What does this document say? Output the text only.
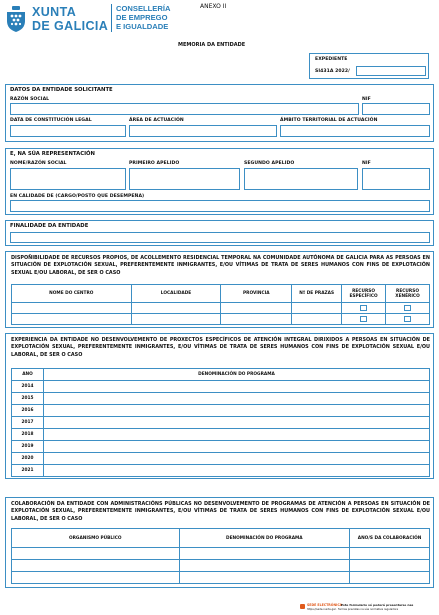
XUNTA
DE GALICIA
CONSELLERÍA
DE EMPREGO
E IGUALDADE
ANEXO II
MEMORIA DA ENTIDADE
EXPEDIENTE
SI431A 2022/
DATOS DA ENTIDADE SOLICITANTE
RAZÓN SOCIAL	NIF
DATA DE CONSTITUCIÓN LEGAL	ÁREA DE ACTUACIÓN	ÁMBITO TERRITORIAL DE ACTUACIÓN
E, NA SÚA REPRESENTACIÓN
NOME/RAZÓN SOCIAL	PRIMEIRO APELIDO	SEGUNDO APELIDO	NIF
EN CALIDADE DE (CARGO/POSTO QUE DESEMPEÑA)
FINALIDADE DA ENTIDADE
DISPOÑIBILIDADE DE RECURSOS PROPIOS, DE ACOLLEMENTO RESIDENCIAL TEMPORAL NA COMUNIDADE AUTÓNOMA DE GALICIA PARA AS PERSOAS EN SITUACIÓN DE EXPLOTACIÓN SEXUAL, PREFERENTEMENTE INMIGRANTES, E/OU VÍTIMAS DE TRATA DE SERES HUMANOS CON FINS DE EXPLOTACIÓN SEXUAL E/OU LABORAL, DE SER O CASO
NOME DO CENTRO	LOCALIDADE	PROVINCIA	Nº DE PRAZAS	RECURSO ESPECÍFICO	RECURSO XENÉRICO

EXPERIENCIA DA ENTIDADE NO DESENVOLVEMENTO DE PROXECTOS ESPECÍFICOS DE ATENCIÓN INTEGRAL DIRIXIDOS A PERSOAS EN SITUACIÓN DE EXPLOTACIÓN SEXUAL, PREFERENTEMENTE INMIGRANTES, E/OU VÍTIMAS DE TRATA DE SERES HUMANOS CON FINS DE EXPLOTACIÓN SEXUAL E/OU LABORAL, DE SER O CASO
ANO	DENOMINACIÓN DO PROGRAMA
2014	
2015	
2016	
2017	
2018	
2019	
2020	
2021	
COLABORACIÓN DA ENTIDADE CON ADMINISTRACIÓNS PÚBLICAS NO DESENVOLVEMENTO DE PROGRAMAS DE ATENCIÓN A PERSOAS EN SITUACIÓN DE EXPLOTACIÓN SEXUAL, PREFERENTEMENTE INMIGRANTES, E/OU VÍTIMAS DE TRATA DE SERES HUMANOS CON FINS DE EXPLOTACIÓN SEXUAL E/OU LABORAL, DE SER O CASO
ORGANISMO PÚBLICO	DENOMINACIÓN DO PROGRAMA	ANO/S DA COLABORACIÓN

SEDE ELECTRÓNICA
Este formulario só poderá presentarse nas
https://sede.xunta.gal · formas previstas na súa normativa reguladora
